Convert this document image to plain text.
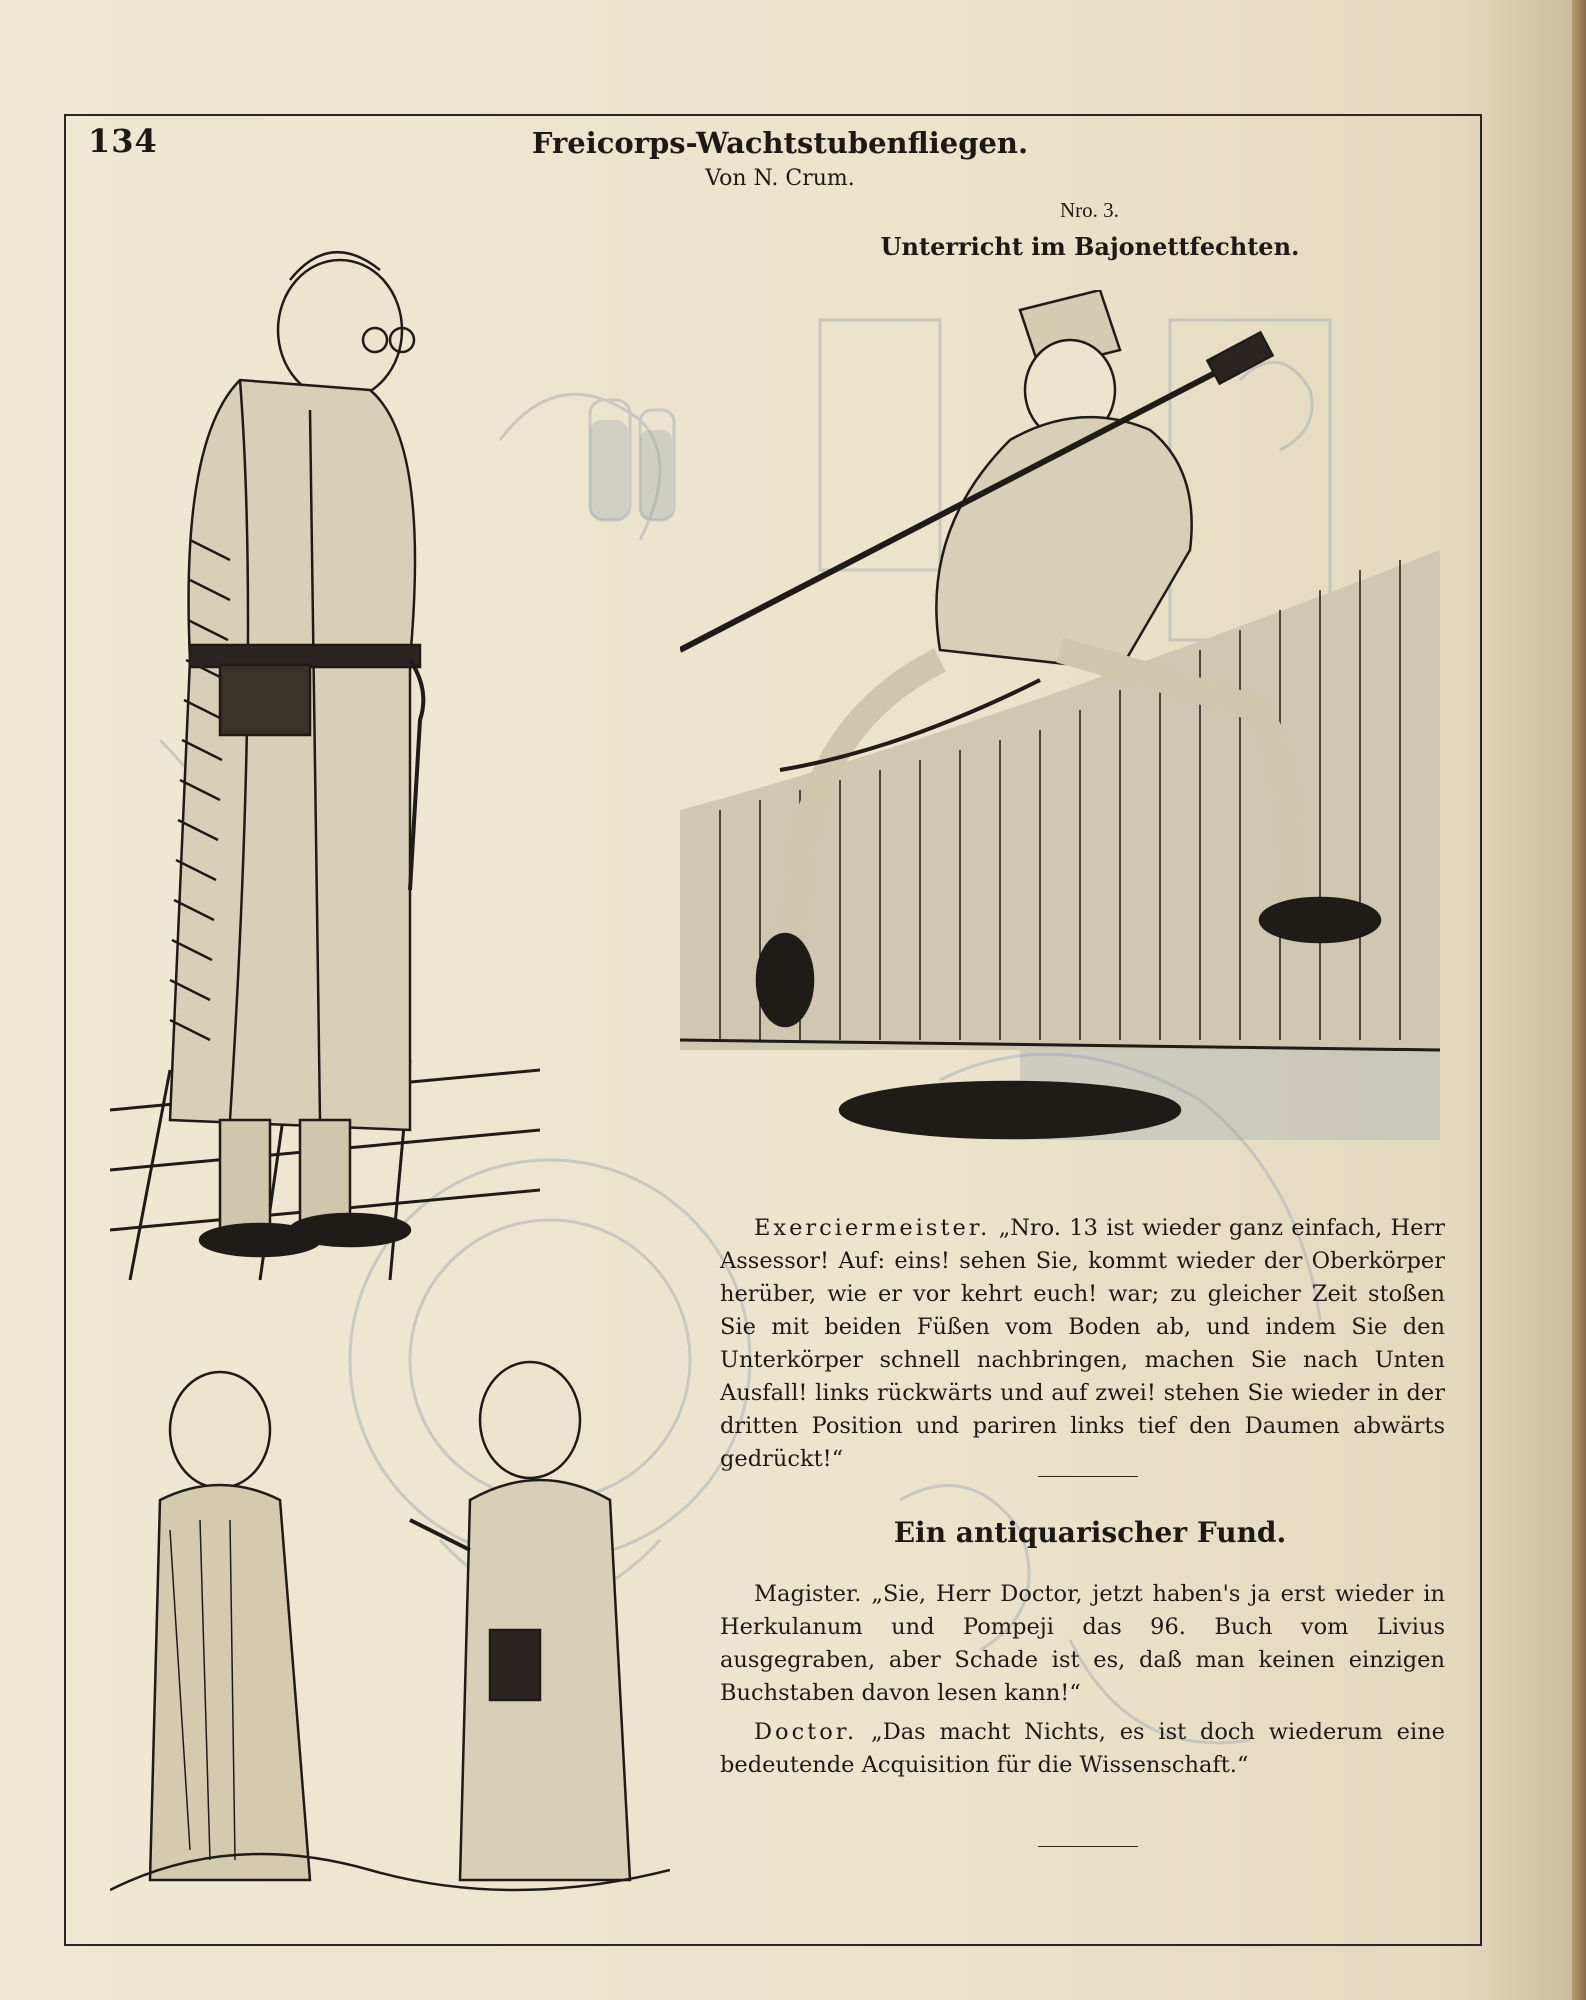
134	Freicorps-Wachtstubenfliegen.
Von N. Crum.
Nro. 3.
Unterricht im Bajonettfechten.
Exerciermeister. „Nro. 13 ist wieder ganz einfach, Herr Assessor! Auf: eins! sehen Sie, kommt wieder der Oberkörper herüber, wie er vor kehrt euch! war; zu gleicher Zeit stoßen Sie mit beiden Füßen vom Boden ab, und indem Sie den Unterkörper schnell nachbringen, machen Sie nach Unten Ausfall! links rückwärts und auf zwei! stehen Sie wieder in der dritten Position und pariren links tief den Daumen abwärts gedrückt!“
Ein antiquarischer Fund.
Magister. „Sie, Herr Doctor, jetzt haben's ja erst wieder in Herkulanum und Pompeji das 96. Buch vom Livius ausgegraben, aber Schade ist es, daß man keinen einzigen Buchstaben davon lesen kann!“
Doctor. „Das macht Nichts, es ist doch wiederum eine bedeutende Acquisition für die Wissenschaft.“
